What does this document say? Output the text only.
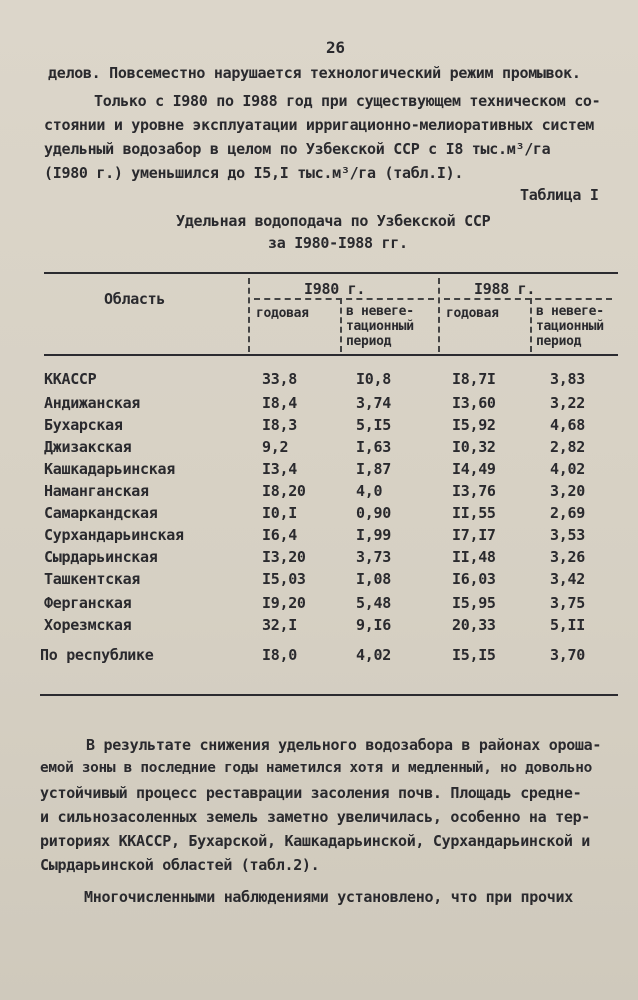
26
делов. Повсеместно нарушается технологический режим промывок.
Только с I980 по I988 год при существующем техническом со-
стоянии и уровне эксплуатации ирригационно-мелиоративных систем
удельный водозабор в целом по Узбекской ССР с I8 тыс.м³/га
(I980 г.) уменьшился до I5,I тыс.м³/га (табл.I).
Таблица I
Удельная водоподача по Узбекской ССР
за I980-I988 гг.
Область
I980 г.	I988 г.
годовая	в невеге-
тационный
период
годовая	в невеге-
тационный
период
ККАССР	33,8	I0,8	I8,7I	3,83
Андижанская	I8,4	3,74	I3,60	3,22
Бухарская	I8,3	5,I5	I5,92	4,68
Джизакская	9,2	I,63	I0,32	2,82
Кашкадарьинская	I3,4	I,87	I4,49	4,02
Наманганская	I8,20	4,0	I3,76	3,20
Самаркандская	I0,I	0,90	II,55	2,69
Сурхандарьинская	I6,4	I,99	I7,I7	3,53
Сырдарьинская	I3,20	3,73	II,48	3,26
Ташкентская	I5,03	I,08	I6,03	3,42
Ферганская	I9,20	5,48	I5,95	3,75
Хорезмская	32,I	9,I6	20,33	5,II
По республике	I8,0	4,02	I5,I5	3,70
В результате снижения удельного водозабора в районах ороша-
емой зоны в последние годы наметился хотя и медленный, но довольно
устойчивый процесс реставрации засоления почв. Площадь средне-
и сильнозасоленных земель заметно увеличилась, особенно на тер-
риториях ККАССР, Бухарской, Кашкадарьинской, Сурхандарьинской и
Сырдарьинской областей (табл.2).
Многочисленными наблюдениями установлено, что при прочих
